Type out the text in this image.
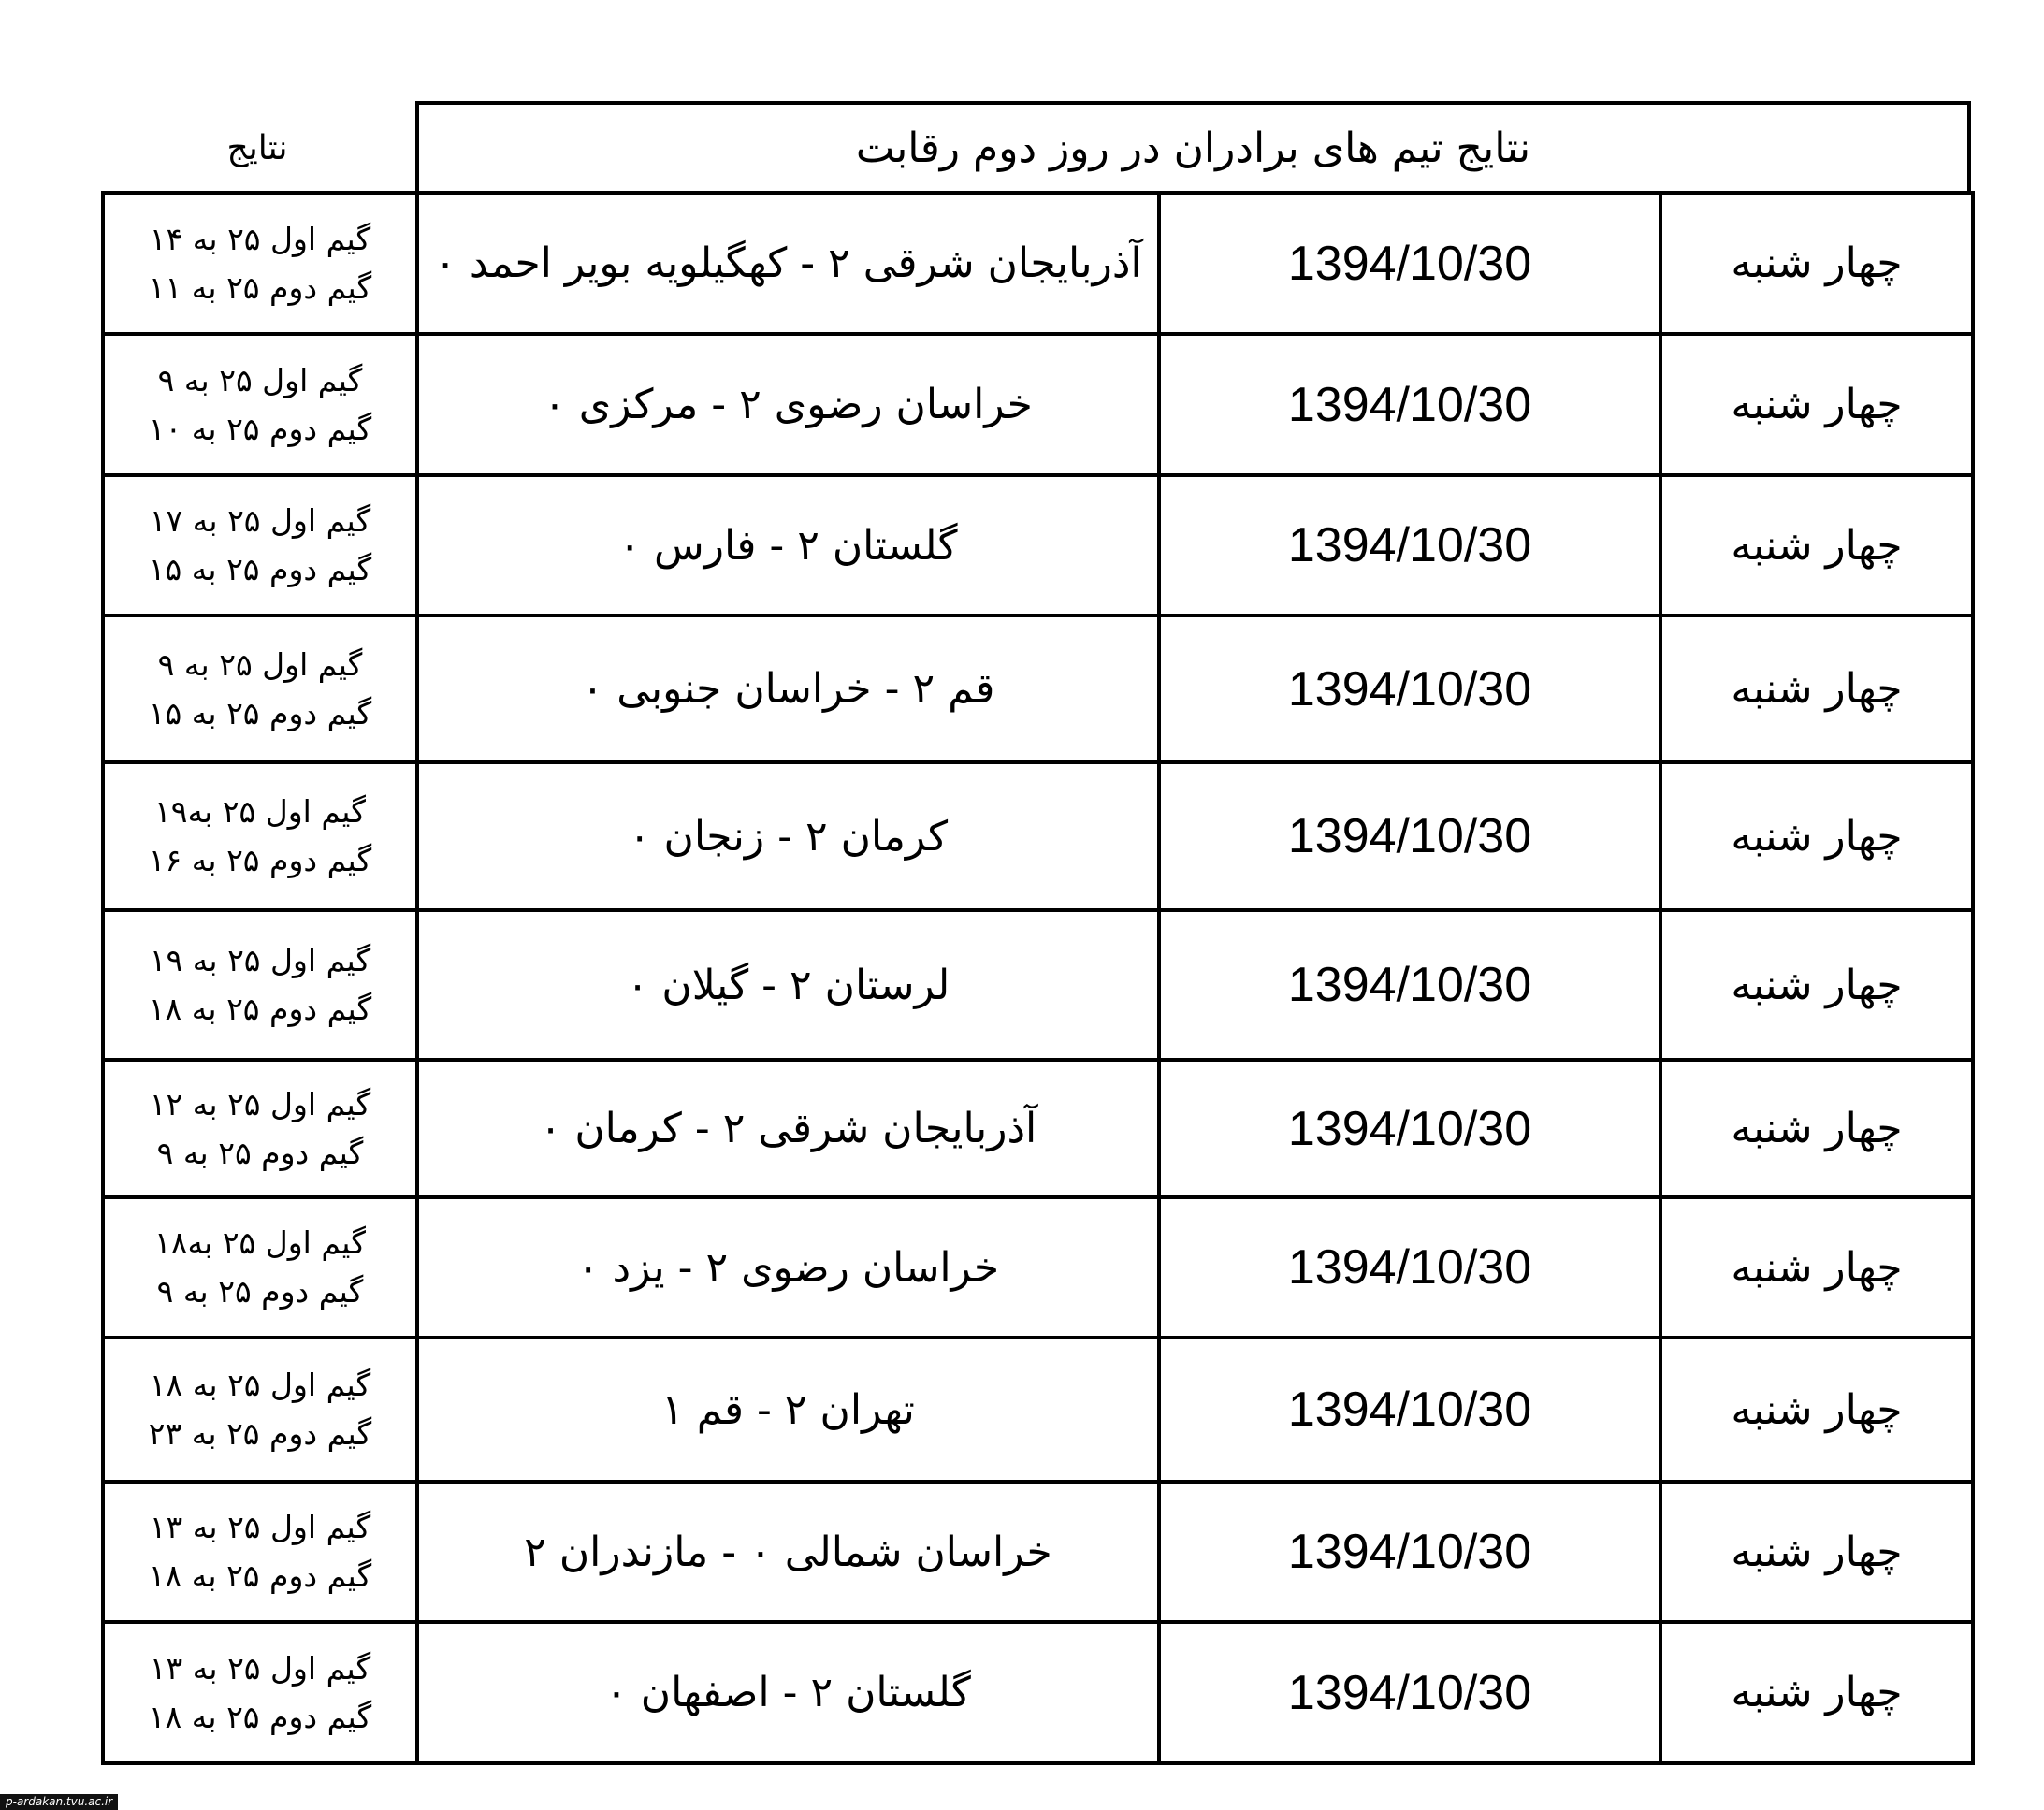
نتایج	نتایج تیم های برادران در روز دوم رقابت
گیم اول ۲۵ به ۱۴
گیم دوم ۲۵ به ۱۱	آذربایجان شرقی ۲ - کهگیلویه بویر احمد ۰	1394/10/30	چهار شنبه

گیم اول ۲۵ به ۹
گیم دوم ۲۵ به ۱۰	خراسان رضوی ۲ - مرکزی ۰	1394/10/30	چهار شنبه

گیم اول ۲۵ به ۱۷
گیم دوم ۲۵ به ۱۵	گلستان ۲ - فارس ۰	1394/10/30	چهار شنبه

گیم اول ۲۵ به ۹
گیم دوم ۲۵ به ۱۵	قم ۲ - خراسان جنوبی ۰	1394/10/30	چهار شنبه

گیم اول ۲۵ به۱۹
گیم دوم ۲۵ به ۱۶	کرمان ۲ - زنجان ۰	1394/10/30	چهار شنبه

گیم اول ۲۵ به ۱۹
گیم دوم ۲۵ به ۱۸	لرستان ۲ - گیلان ۰	1394/10/30	چهار شنبه

گیم اول ۲۵ به ۱۲
گیم دوم ۲۵ به ۹	آذربایجان شرقی ۲ - کرمان ۰	1394/10/30	چهار شنبه

گیم اول ۲۵ به۱۸
گیم دوم ۲۵ به ۹	خراسان رضوی ۲ - یزد ۰	1394/10/30	چهار شنبه

گیم اول ۲۵ به ۱۸
گیم دوم ۲۵ به ۲۳	تهران ۲ - قم ۱	1394/10/30	چهار شنبه

گیم اول ۲۵ به ۱۳
گیم دوم ۲۵ به ۱۸	خراسان شمالی ۰ - مازندران ۲	1394/10/30	چهار شنبه

گیم اول ۲۵ به ۱۳
گیم دوم ۲۵ به ۱۸	گلستان ۲ - اصفهان ۰	1394/10/30	چهار شنبه
p-ardakan.tvu.ac.ir
